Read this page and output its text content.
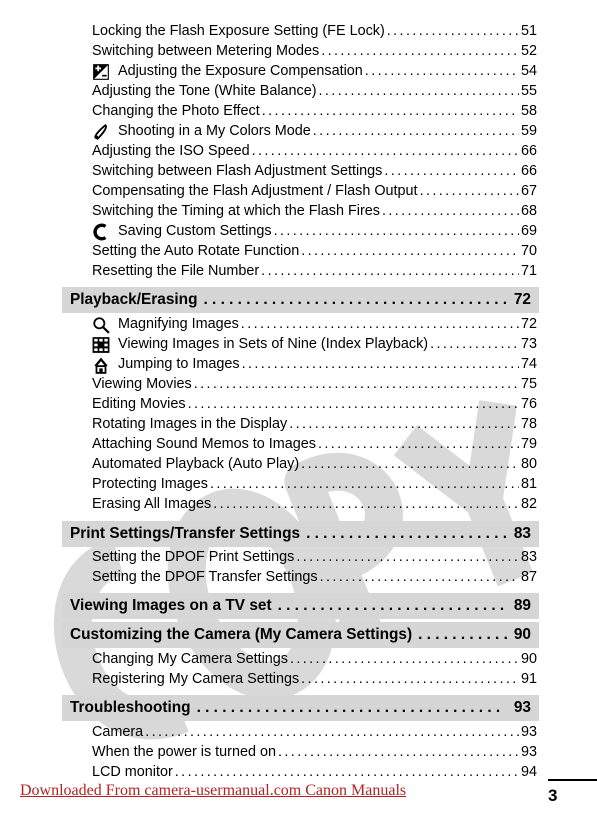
Locking the Flash Exposure Setting (FE Lock) . . .	51
Switching between Metering Modes . . .	52
Adjusting the Exposure Compensation . . .	54
Adjusting the Tone (White Balance) . . .	55
Changing the Photo Effect . . .	58
Shooting in a My Colors Mode . . .	59
Adjusting the ISO Speed . . .	66
Switching between Flash Adjustment Settings . . .	66
Compensating the Flash Adjustment / Flash Output . . .	67
Switching the Timing at which the Flash Fires . . .	68
Saving Custom Settings . . .	69
Setting the Auto Rotate Function . . .	70
Resetting the File Number . . .	71
Playback/Erasing . . .	72
Magnifying Images . . .	72
Viewing Images in Sets of Nine (Index Playback) . . .	73
Jumping to Images . . .	74
Viewing Movies . . .	75
Editing Movies . . .	76
Rotating Images in the Display . . .	78
Attaching Sound Memos to Images . . .	79
Automated Playback (Auto Play) . . .	80
Protecting Images . . .	81
Erasing All Images . . .	82
Print Settings/Transfer Settings . . .	83
Setting the DPOF Print Settings . . .	83
Setting the DPOF Transfer Settings . . .	87
Viewing Images on a TV set . . .	89
Customizing the Camera (My Camera Settings) . . .	90
Changing My Camera Settings . . .	90
Registering My Camera Settings . . .	91
Troubleshooting . . .	93
Camera . . .	93
When the power is turned on . . .	93
LCD monitor . . .	94
Downloaded From camera-usermanual.com Canon Manuals	3
